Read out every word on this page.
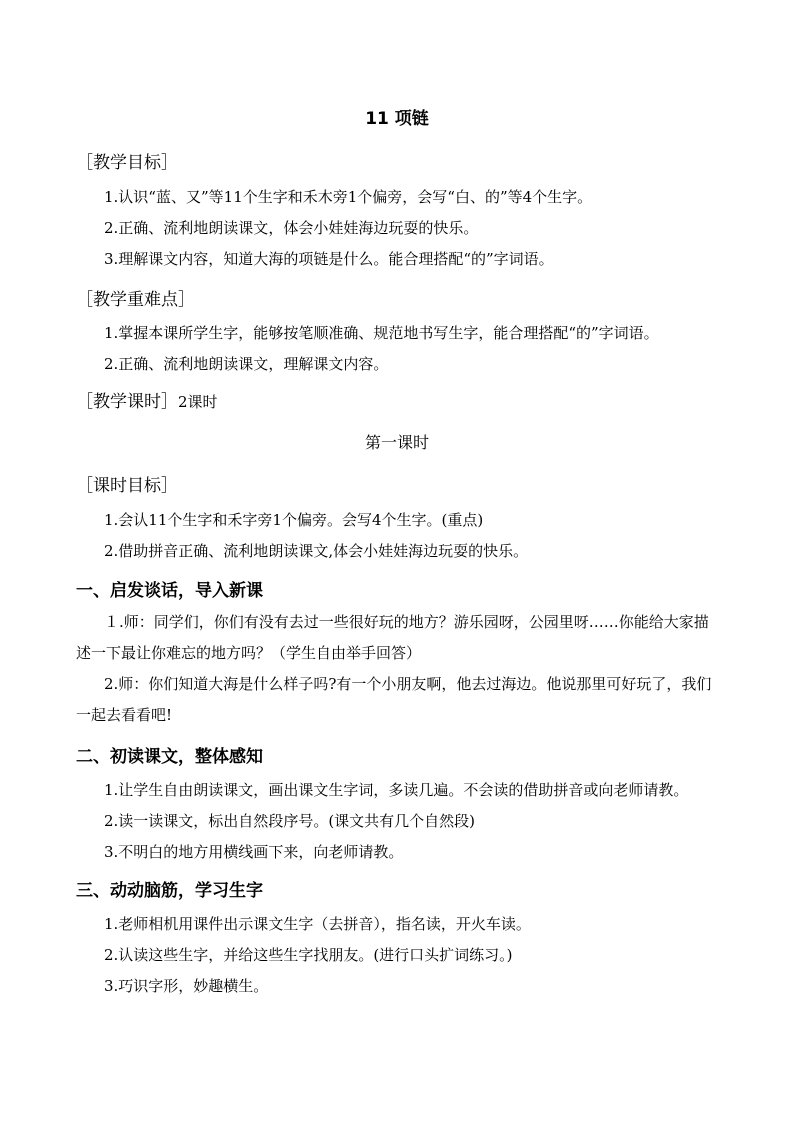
11 项链
［教学目标］
1.认识“蓝、又”等11个生字和禾木旁1个偏旁，会写“白、的”等4个生字。
2.正确、流利地朗读课文，体会小娃娃海边玩耍的快乐。
3.理解课文内容，知道大海的项链是什么。能合理搭配“的”字词语。
［教学重难点］
1.掌握本课所学生字，能够按笔顺准确、规范地书写生字，能合理搭配“的”字词语。
2.正确、流利地朗读课文，理解课文内容。
［教学课时］2课时
第一课时
［课时目标］
1.会认11个生字和禾字旁1个偏旁。会写4个生字。(重点)
2.借助拼音正确、流利地朗读课文,体会小娃娃海边玩耍的快乐。
一、启发谈话，导入新课
１.师：同学们，你们有没有去过一些很好玩的地方？游乐园呀，公园里呀……你能给大家描述一下最让你难忘的地方吗？（学生自由举手回答）
2.师：你们知道大海是什么样子吗?有一个小朋友啊，他去过海边。他说那里可好玩了，我们一起去看看吧!
二、初读课文，整体感知
1.让学生自由朗读课文，画出课文生字词，多读几遍。不会读的借助拼音或向老师请教。
2.读一读课文，标出自然段序号。(课文共有几个自然段)
3.不明白的地方用横线画下来，向老师请教。
三、动动脑筋，学习生字
1.老师相机用课件出示课文生字（去拼音），指名读，开火车读。
2.认读这些生字，并给这些生字找朋友。(进行口头扩词练习。)
3.巧识字形，妙趣横生。
